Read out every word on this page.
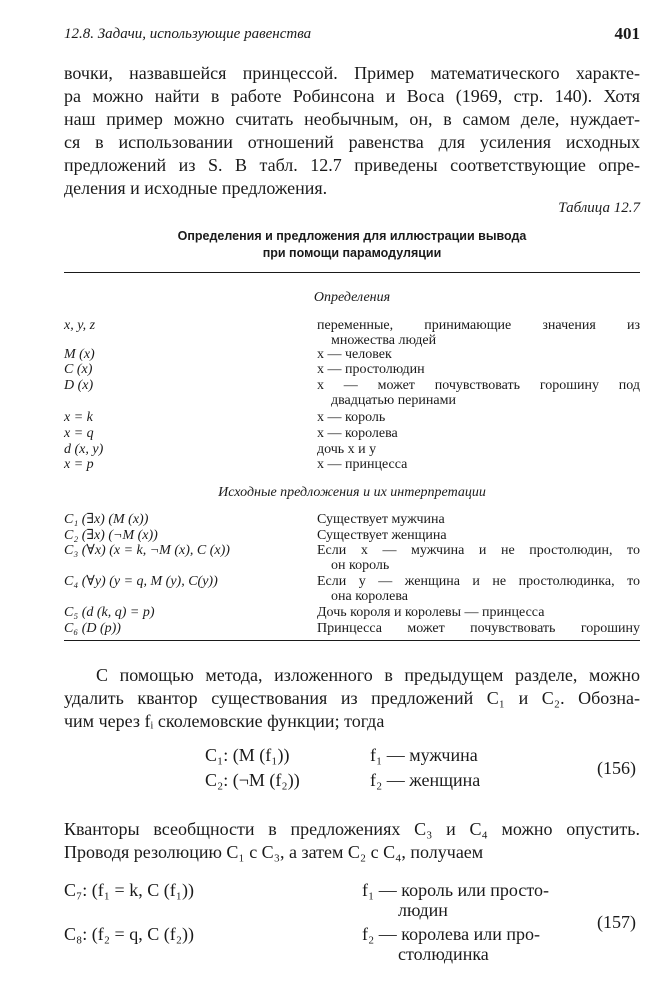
12.8. Задачи, использующие равенства	401
вочки, назвавшейся принцессой. Пример математического характе-
ра можно найти в работе Робинсона и Воса (1969, стр. 140). Хотя
наш пример можно считать необычным, он, в самом деле, нуждает-
ся в использовании отношений равенства для усиления исходных
предложений из S. В табл. 12.7 приведены соответствующие опре-
деления и исходные предложения.
Таблица 12.7
Определения и предложения для иллюстрации вывода
при помощи парамодуляции
Определения
x, y, z	переменные, принимающие значения из
множества людей
M (x)	x — человек
C (x)	x — простолюдин
D (x)	x — может почувствовать горошину под
двадцатью перинами
x = k	x — король
x = q	x — королева
d (x, y)	дочь x и y
x = p	x — принцесса
Исходные предложения и их интерпретации
C₁ (∃x) (M (x))	Существует мужчина
C₂ (∃x) (¬M (x))	Существует женщина
C₃ (∀x) (x = k, ¬M (x), C (x))	Если x — мужчина и не простолюдин, то
он король
C₄ (∀y) (y = q, M (y), C(y))	Если y — женщина и не простолюдинка, то
она королева
C₅ (d (k, q) = p)	Дочь короля и королевы — принцесса
C₆ (D (p))	Принцесса может почувствовать горошину
С помощью метода, изложенного в предыдущем разделе, можно
удалить квантор существования из предложений C₁ и C₂. Обозна-
чим через fᵢ сколемовские функции; тогда
C₁: (M (f₁))	f₁ — мужчина
C₂: (¬M (f₂))	f₂ — женщина
(156)
Кванторы всеобщности в предложениях C₃ и C₄ можно опустить.
Проводя резолюцию C₁ с C₃, а затем C₂ с C₄, получаем
C₇: (f₁ = k, C (f₁))	f₁ — король или просто-
людин
C₈: (f₂ = q, C (f₂))	f₂ — королева или про-
столюдинка
(157)
